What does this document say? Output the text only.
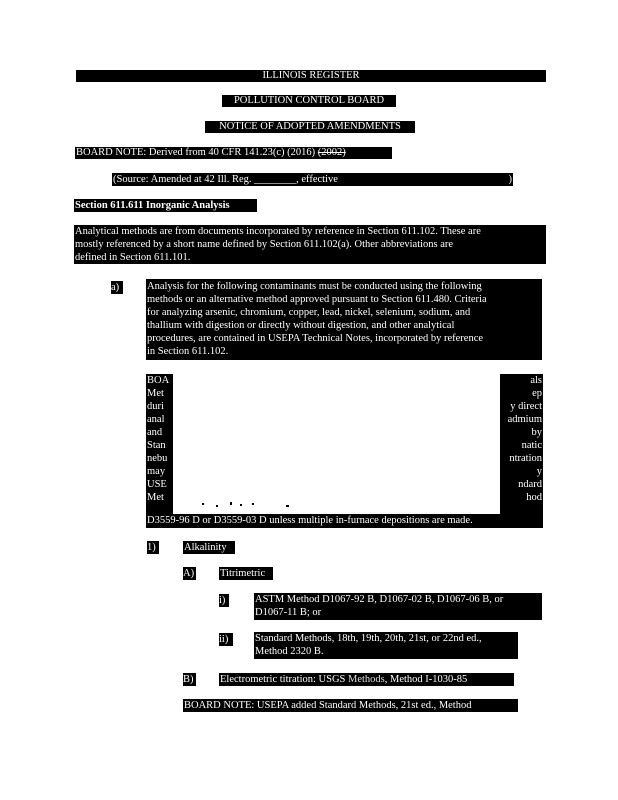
ILLINOIS REGISTER
POLLUTION CONTROL BOARD
NOTICE OF ADOPTED AMENDMENTS
BOARD NOTE: Derived from 40 CFR 141.23(c) (2016) (2002)
(Source: Amended at 42 Ill. Reg. ________, effective	)
Section 611.611 Inorganic Analysis
Analytical methods are from documents incorporated by reference in Section 611.102. These are
mostly referenced by a short name defined by Section 611.102(a). Other abbreviations are
defined in Section 611.101.
a)	Analysis for the following contaminants must be conducted using the following
methods or an alternative method approved pursuant to Section 611.480. Criteria
for analyzing arsenic, chromium, copper, lead, nickel, selenium, sodium, and
thallium with digestion or directly without digestion, and other analytical
procedures, are contained in USEPA Technical Notes, incorporated by reference
in Section 611.102.
BOA
Met
duri
anal
and
Stan
nebu
may
USE
Met
als
ep
y direct
admium
by
natic
ntration
y
ndard
hod
D3559-96 D or D3559-03 D unless multiple in-furnace depositions are made.
1)	Alkalinity
A) Titrimetric
i)	ASTM Method D1067-92 B, D1067-02 B, D1067-06 B, or
D1067-11 B; or
ii)	Standard Methods, 18th, 19th, 20th, 21st, or 22nd ed.,
Method 2320 B.
B)	Electrometric titration: USGS Methods, Method I-1030-85
BOARD NOTE: USEPA added Standard Methods, 21st ed., Method
